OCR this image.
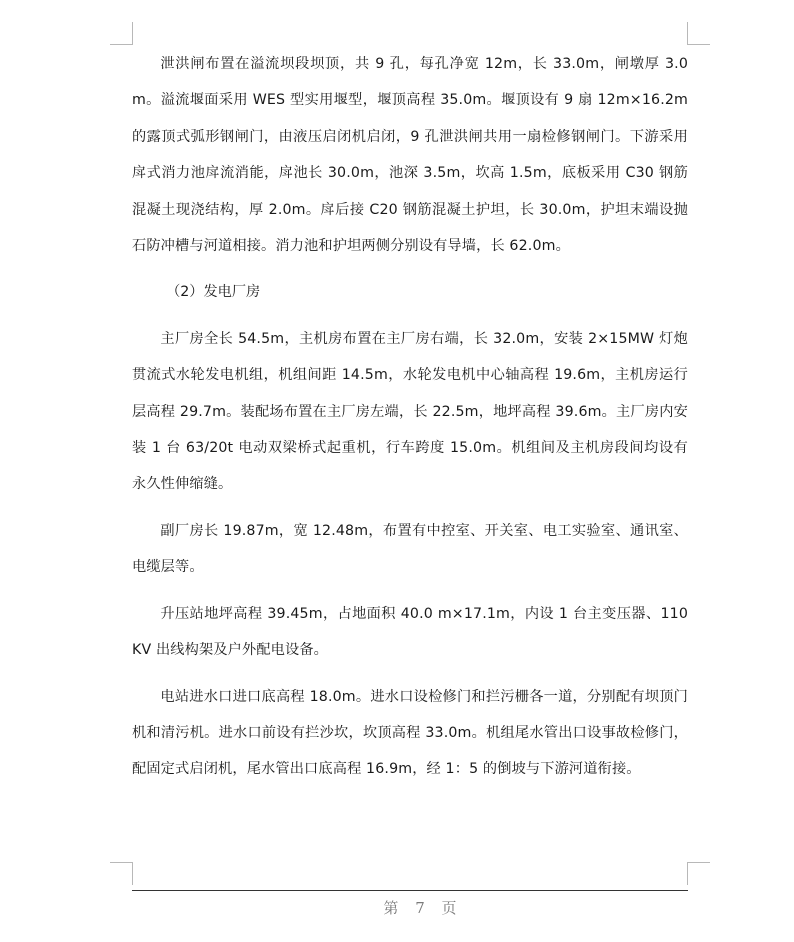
泄洪闸布置在溢流坝段坝顶，共 9 孔，每孔净宽 12m，长 33.0m，闸墩厚 3.0m。溢流堰面采用 WES 型实用堰型，堰顶高程 35.0m。堰顶设有 9 扇 12m×16.2m 的露顶式弧形钢闸门，由液压启闭机启闭，9 孔泄洪闸共用一扇检修钢闸门。下游采用戽式消力池戽流消能，戽池长 30.0m，池深 3.5m，坎高 1.5m，底板采用 C30 钢筋混凝土现浇结构，厚 2.0m。戽后接 C20 钢筋混凝土护坦，长 30.0m，护坦末端设抛石防冲槽与河道相接。消力池和护坦两侧分别设有导墙，长 62.0m。

（2）发电厂房

主厂房全长 54.5m，主机房布置在主厂房右端，长 32.0m，安装 2×15MW 灯炮贯流式水轮发电机组，机组间距 14.5m，水轮发电机中心轴高程 19.6m，主机房运行层高程 29.7m。装配场布置在主厂房左端，长 22.5m，地坪高程 39.6m。主厂房内安装 1 台 63/20t 电动双梁桥式起重机，行车跨度 15.0m。机组间及主机房段间均设有永久性伸缩缝。

副厂房长 19.87m，宽 12.48m，布置有中控室、开关室、电工实验室、通讯室、电缆层等。

升压站地坪高程 39.45m，占地面积 40.0 m×17.1m，内设 1 台主变压器、110KV 出线构架及户外配电设备。

电站进水口进口底高程 18.0m。进水口设检修门和拦污栅各一道，分别配有坝顶门机和清污机。进水口前设有拦沙坎，坎顶高程 33.0m。机组尾水管出口设事故检修门，配固定式启闭机，尾水管出口底高程 16.9m，经 1：5 的倒坡与下游河道衔接。

第 7 页
